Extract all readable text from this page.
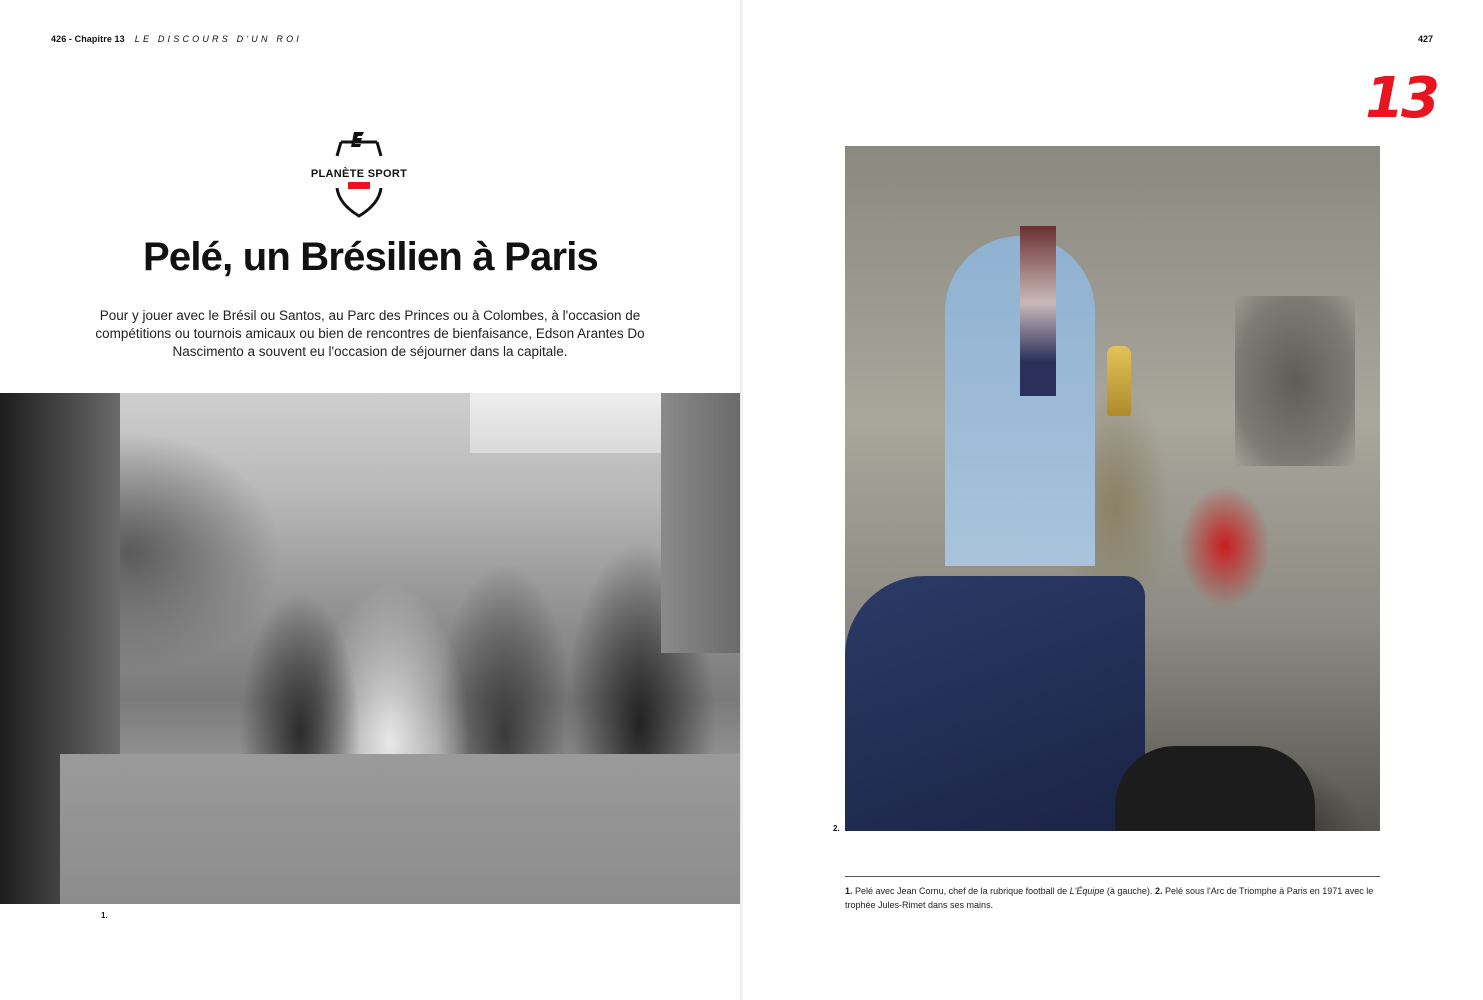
426 - Chapitre 13 LE DISCOURS D'UN ROI
PLANÈTE SPORT
Pelé, un Brésilien à Paris

Pour y jouer avec le Brésil ou Santos, au Parc des Princes ou à Colombes, à l'occasion de compétitions ou tournois amicaux ou bien de rencontres de bienfaisance, Edson Arantes Do Nascimento a souvent eu l'occasion de séjourner dans la capitale.

1.
427
13
2.

1. Pelé avec Jean Cornu, chef de la rubrique football de L'Équipe (à gauche). 2. Pelé sous l'Arc de Triomphe à Paris en 1971 avec le trophée Jules-Rimet dans ses mains.
